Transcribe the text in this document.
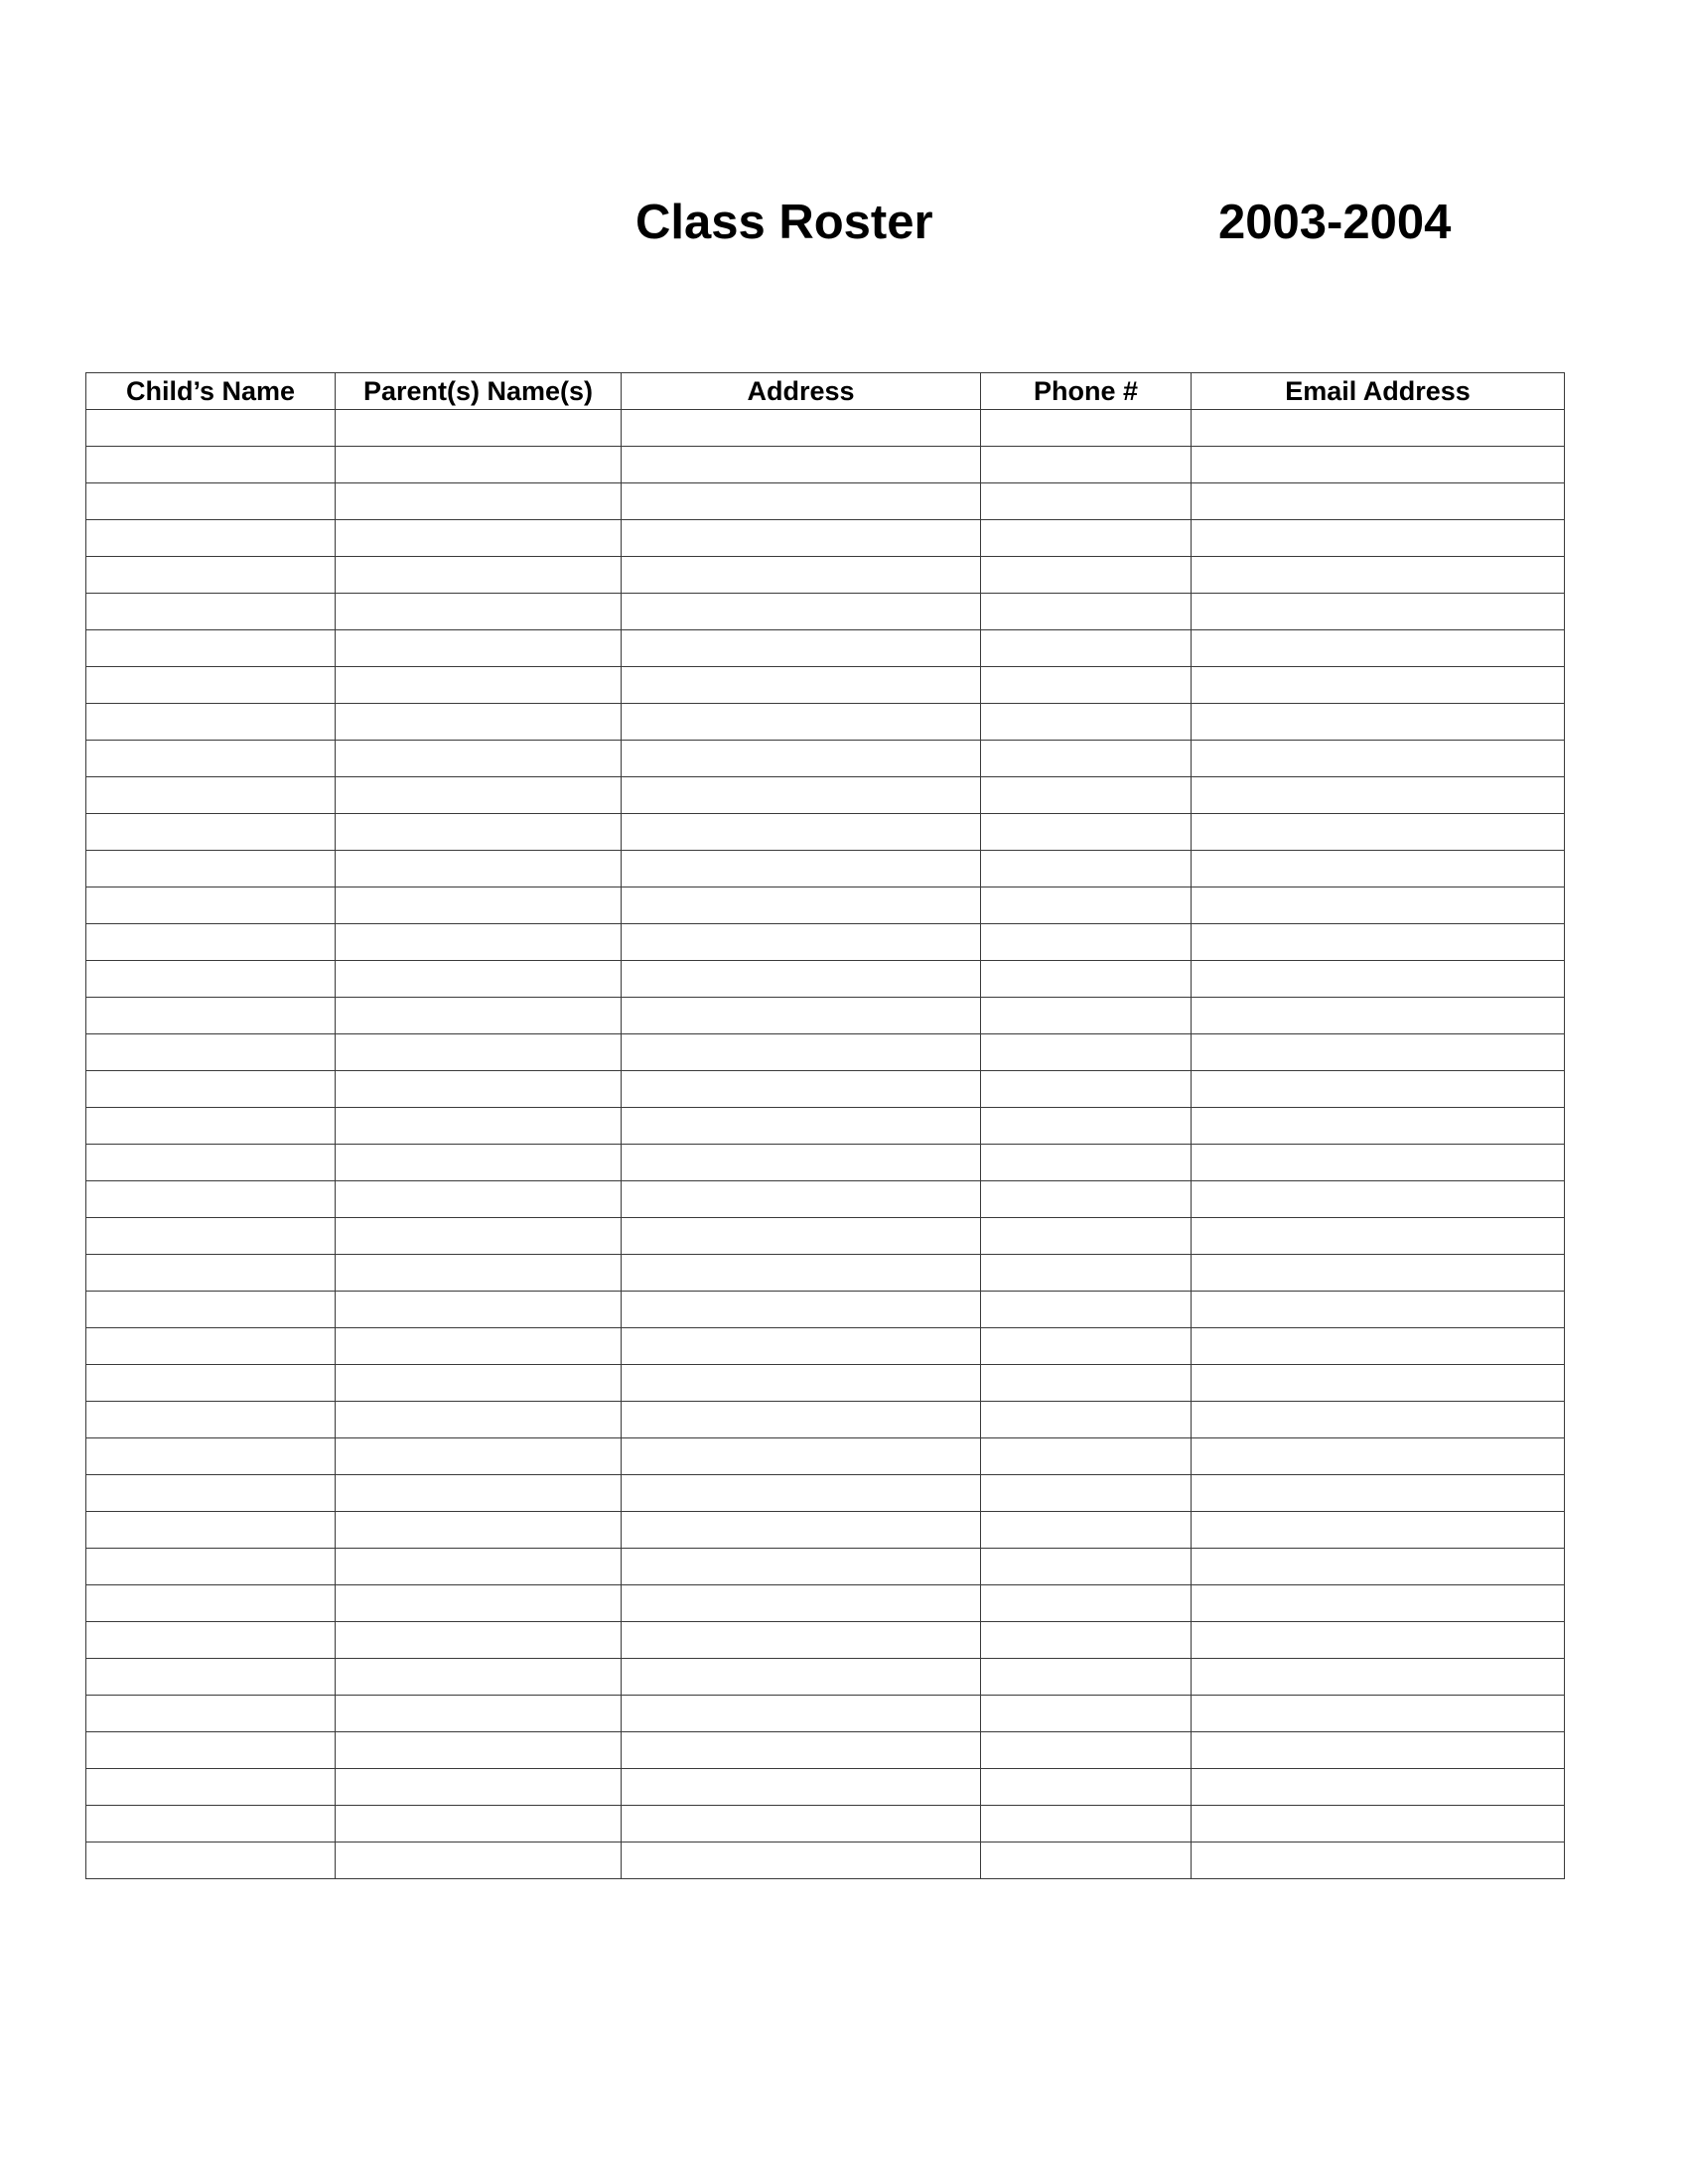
Class Roster	2003-2004
Child’s Name	Parent(s) Name(s)	Address	Phone #	Email Address
